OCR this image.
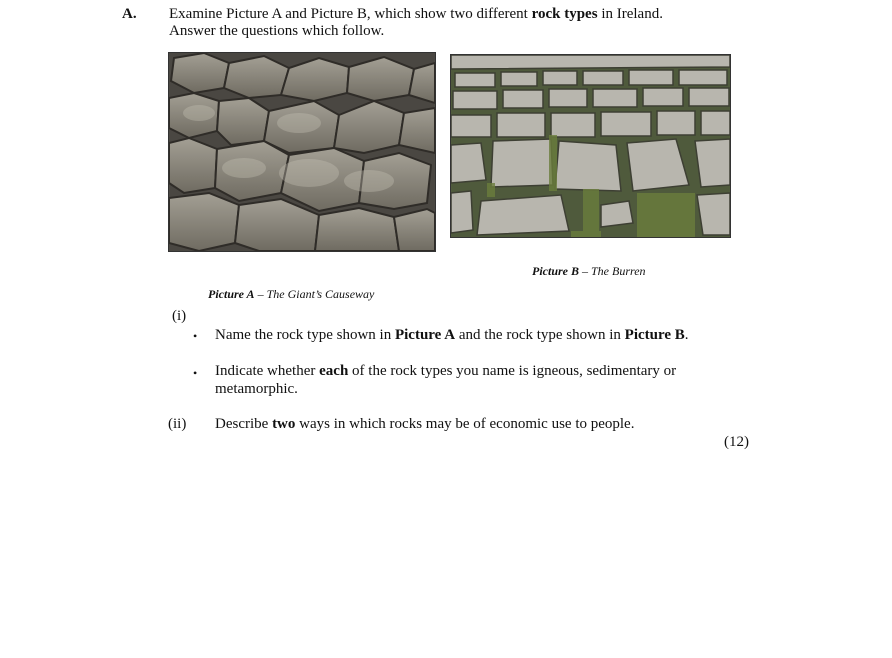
A. Examine Picture A and Picture B, which show two different rock types in Ireland.
Answer the questions which follow.
Picture B – The Burren
Picture A – The Giant’s Causeway
(i)
• Name the rock type shown in Picture A and the rock type shown in Picture B.
• Indicate whether each of the rock types you name is igneous, sedimentary or
metamorphic.
(ii) Describe two ways in which rocks may be of economic use to people.
(12)
